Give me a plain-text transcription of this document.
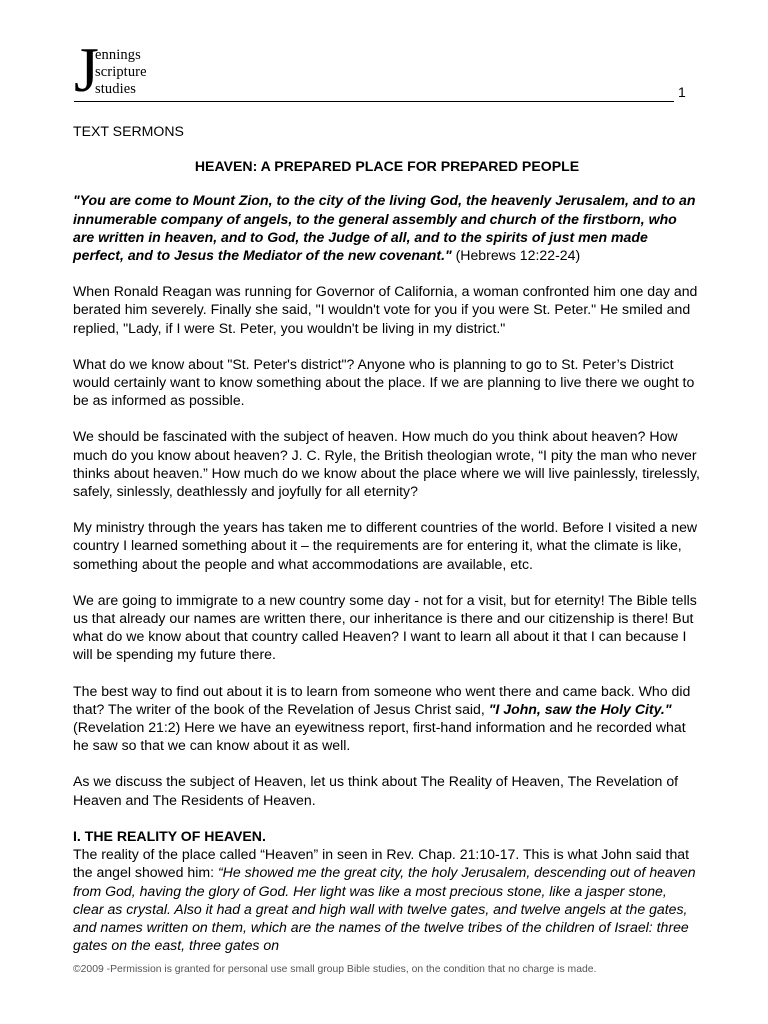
J
ennings
scripture
studies	1

TEXT SERMONS

HEAVEN: A PREPARED PLACE FOR PREPARED PEOPLE

"You are come to Mount Zion, to the city of the living God, the heavenly Jerusalem, and to an innumerable company of angels, to the general assembly and church of the firstborn, who are written in heaven, and to God, the Judge of all, and to the spirits of just men made perfect, and to Jesus the Mediator of the new covenant." (Hebrews 12:22-24)

When Ronald Reagan was running for Governor of California, a woman confronted him one day and berated him severely. Finally she said, "I wouldn't vote for you if you were St. Peter." He smiled and replied, "Lady, if I were St. Peter, you wouldn't be living in my district."

What do we know about "St. Peter's district"? Anyone who is planning to go to St. Peter’s District would certainly want to know something about the place. If we are planning to live there we ought to be as informed as possible.

We should be fascinated with the subject of heaven. How much do you think about heaven? How much do you know about heaven? J. C. Ryle, the British theologian wrote, “I pity the man who never thinks about heaven.” How much do we know about the place where we will live painlessly, tirelessly, safely, sinlessly, deathlessly and joyfully for all eternity?

My ministry through the years has taken me to different countries of the world. Before I visited a new country I learned something about it – the requirements are for entering it, what the climate is like, something about the people and what accommodations are available, etc.

We are going to immigrate to a new country some day - not for a visit, but for eternity! The Bible tells us that already our names are written there, our inheritance is there and our citizenship is there! But what do we know about that country called Heaven? I want to learn all about it that I can because I will be spending my future there.

The best way to find out about it is to learn from someone who went there and came back. Who did that? The writer of the book of the Revelation of Jesus Christ said, "I John, saw the Holy City." (Revelation 21:2) Here we have an eyewitness report, first-hand information and he recorded what he saw so that we can know about it as well.

As we discuss the subject of Heaven, let us think about The Reality of Heaven, The Revelation of Heaven and The Residents of Heaven.

I. THE REALITY OF HEAVEN.

The reality of the place called “Heaven” in seen in Rev. Chap. 21:10-17. This is what John said that the angel showed him: “He showed me the great city, the holy Jerusalem, descending out of heaven from God, having the glory of God. Her light was like a most precious stone, like a jasper stone, clear as crystal. Also it had a great and high wall with twelve gates, and twelve angels at the gates, and names written on them, which are the names of the twelve tribes of the children of Israel: three gates on the east, three gates on

©2009 -Permission is granted for personal use small group Bible studies, on the condition that no charge is made.
